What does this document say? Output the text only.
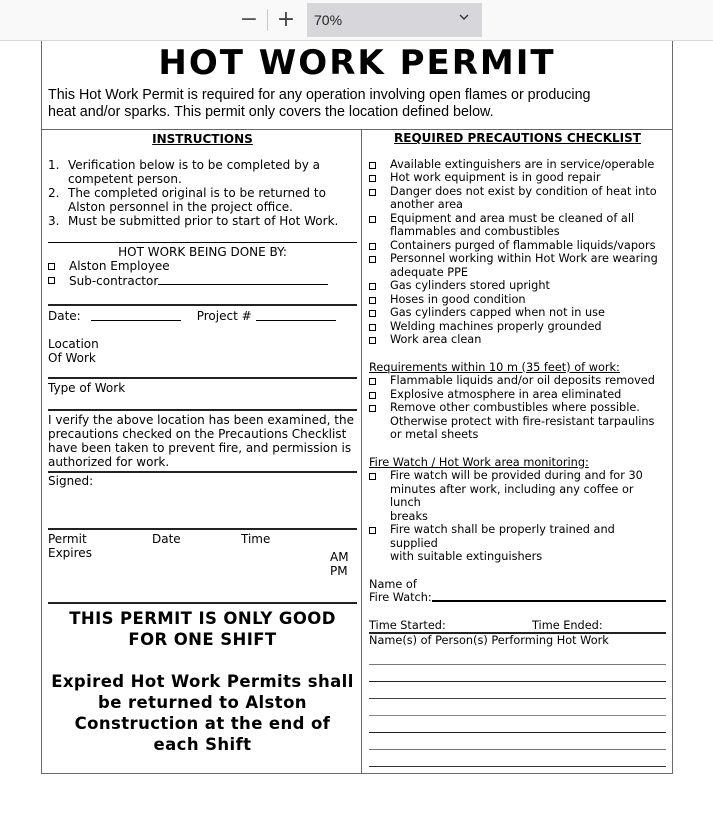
− + 70%
HOT WORK PERMIT
This Hot Work Permit is required for any operation involving open flames or producing
heat and/or sparks. This permit only covers the location defined below.
INSTRUCTIONS
1. Verification below is to be completed by a
competent person.
2. The completed original is to be returned to
Alston personnel in the project office.
3. Must be submitted prior to start of Hot Work.
HOT WORK BEING DONE BY:
Alston Employee
Sub-contractor
Date:	Project #
Location
Of Work
Type of Work
I verify the above location has been examined, the
precautions checked on the Precautions Checklist
have been taken to prevent fire, and permission is
authorized for work.
Signed:
Permit
Expires
Date	Time
AM
PM
THIS PERMIT IS ONLY GOOD
FOR ONE SHIFT
Expired Hot Work Permits shall
be returned to Alston
Construction at the end of
each Shift
REQUIRED PRECAUTIONS CHECKLIST
Available extinguishers are in service/operable
Hot work equipment is in good repair
Danger does not exist by condition of heat into
another area
Equipment and area must be cleaned of all
flammables and combustibles
Containers purged of flammable liquids/vapors
Personnel working within Hot Work are wearing
adequate PPE
Gas cylinders stored upright
Hoses in good condition
Gas cylinders capped when not in use
Welding machines properly grounded
Work area clean
Requirements within 10 m (35 feet) of work:
Flammable liquids and/or oil deposits removed
Explosive atmosphere in area eliminated
Remove other combustibles where possible.
Otherwise protect with fire-resistant tarpaulins
or metal sheets
Fire Watch / Hot Work area monitoring:
Fire watch will be provided during and for 30
minutes after work, including any coffee or lunch
breaks
Fire watch shall be properly trained and supplied
with suitable extinguishers
Name of
Fire Watch:
Time Started:	Time Ended:
Name(s) of Person(s) Performing Hot Work
